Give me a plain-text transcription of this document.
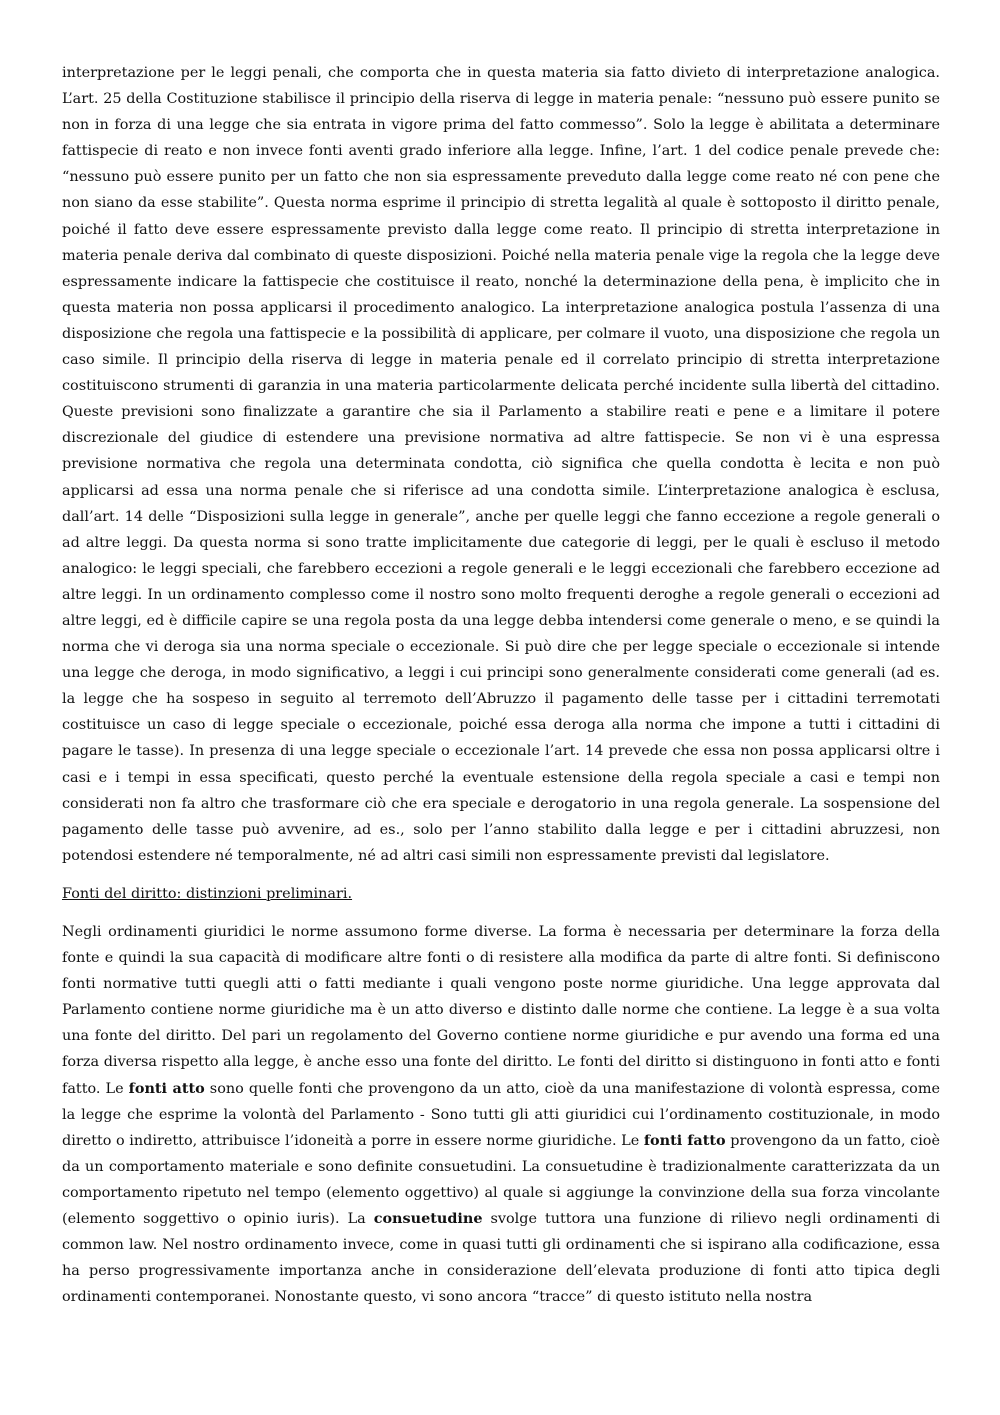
interpretazione per le leggi penali, che comporta che in questa materia sia fatto divieto di interpretazione analogica. L’art. 25 della Costituzione stabilisce il principio della riserva di legge in materia penale: “nessuno può essere punito se non in forza di una legge che sia entrata in vigore prima del fatto commesso”. Solo la legge è abilitata a determinare fattispecie di reato e non invece fonti aventi grado inferiore alla legge. Infine, l’art. 1 del codice penale prevede che: “nessuno può essere punito per un fatto che non sia espressamente preveduto dalla legge come reato né con pene che non siano da esse stabilite”. Questa norma esprime il principio di stretta legalità al quale è sottoposto il diritto penale, poiché il fatto deve essere espressamente previsto dalla legge come reato. Il principio di stretta interpretazione in materia penale deriva dal combinato di queste disposizioni. Poiché nella materia penale vige la regola che la legge deve espressamente indicare la fattispecie che costituisce il reato, nonché la determinazione della pena, è implicito che in questa materia non possa applicarsi il procedimento analogico. La interpretazione analogica postula l’assenza di una disposizione che regola una fattispecie e la possibilità di applicare, per colmare il vuoto, una disposizione che regola un caso simile. Il principio della riserva di legge in materia penale ed il correlato principio di stretta interpretazione costituiscono strumenti di garanzia in una materia particolarmente delicata perché incidente sulla libertà del cittadino. Queste previsioni sono finalizzate a garantire che sia il Parlamento a stabilire reati e pene e a limitare il potere discrezionale del giudice di estendere una previsione normativa ad altre fattispecie. Se non vi è una espressa previsione normativa che regola una determinata condotta, ciò significa che quella condotta è lecita e non può applicarsi ad essa una norma penale che si riferisce ad una condotta simile. L’interpretazione analogica è esclusa, dall’art. 14 delle “Disposizioni sulla legge in generale”, anche per quelle leggi che fanno eccezione a regole generali o ad altre leggi. Da questa norma si sono tratte implicitamente due categorie di leggi, per le quali è escluso il metodo analogico: le leggi speciali, che farebbero eccezioni a regole generali e le leggi eccezionali che farebbero eccezione ad altre leggi. In un ordinamento complesso come il nostro sono molto frequenti deroghe a regole generali o eccezioni ad altre leggi, ed è difficile capire se una regola posta da una legge debba intendersi come generale o meno, e se quindi la norma che vi deroga sia una norma speciale o eccezionale. Si può dire che per legge speciale o eccezionale si intende una legge che deroga, in modo significativo, a leggi i cui principi sono generalmente considerati come generali (ad es. la legge che ha sospeso in seguito al terremoto dell’Abruzzo il pagamento delle tasse per i cittadini terremotati costituisce un caso di legge speciale o eccezionale, poiché essa deroga alla norma che impone a tutti i cittadini di pagare le tasse). In presenza di una legge speciale o eccezionale l’art. 14 prevede che essa non possa applicarsi oltre i casi e i tempi in essa specificati, questo perché la eventuale estensione della regola speciale a casi e tempi non considerati non fa altro che trasformare ciò che era speciale e derogatorio in una regola generale. La sospensione del pagamento delle tasse può avvenire, ad es., solo per l’anno stabilito dalla legge e per i cittadini abruzzesi, non potendosi estendere né temporalmente, né ad altri casi simili non espressamente previsti dal legislatore.

Fonti del diritto: distinzioni preliminari.

Negli ordinamenti giuridici le norme assumono forme diverse. La forma è necessaria per determinare la forza della fonte e quindi la sua capacità di modificare altre fonti o di resistere alla modifica da parte di altre fonti. Si definiscono fonti normative tutti quegli atti o fatti mediante i quali vengono poste norme giuridiche. Una legge approvata dal Parlamento contiene norme giuridiche ma è un atto diverso e distinto dalle norme che contiene. La legge è a sua volta una fonte del diritto. Del pari un regolamento del Governo contiene norme giuridiche e pur avendo una forma ed una forza diversa rispetto alla legge, è anche esso una fonte del diritto. Le fonti del diritto si distinguono in fonti atto e fonti fatto. Le fonti atto sono quelle fonti che provengono da un atto, cioè da una manifestazione di volontà espressa, come la legge che esprime la volontà del Parlamento - Sono tutti gli atti giuridici cui l’ordinamento costituzionale, in modo diretto o indiretto, attribuisce l’idoneità a porre in essere norme giuridiche. Le fonti fatto provengono da un fatto, cioè da un comportamento materiale e sono definite consuetudini. La consuetudine è tradizionalmente caratterizzata da un comportamento ripetuto nel tempo (elemento oggettivo) al quale si aggiunge la convinzione della sua forza vincolante (elemento soggettivo o opinio iuris). La consuetudine svolge tuttora una funzione di rilievo negli ordinamenti di common law. Nel nostro ordinamento invece, come in quasi tutti gli ordinamenti che si ispirano alla codificazione, essa ha perso progressivamente importanza anche in considerazione dell’elevata produzione di fonti atto tipica degli ordinamenti contemporanei. Nonostante questo, vi sono ancora “tracce” di questo istituto nella nostra
